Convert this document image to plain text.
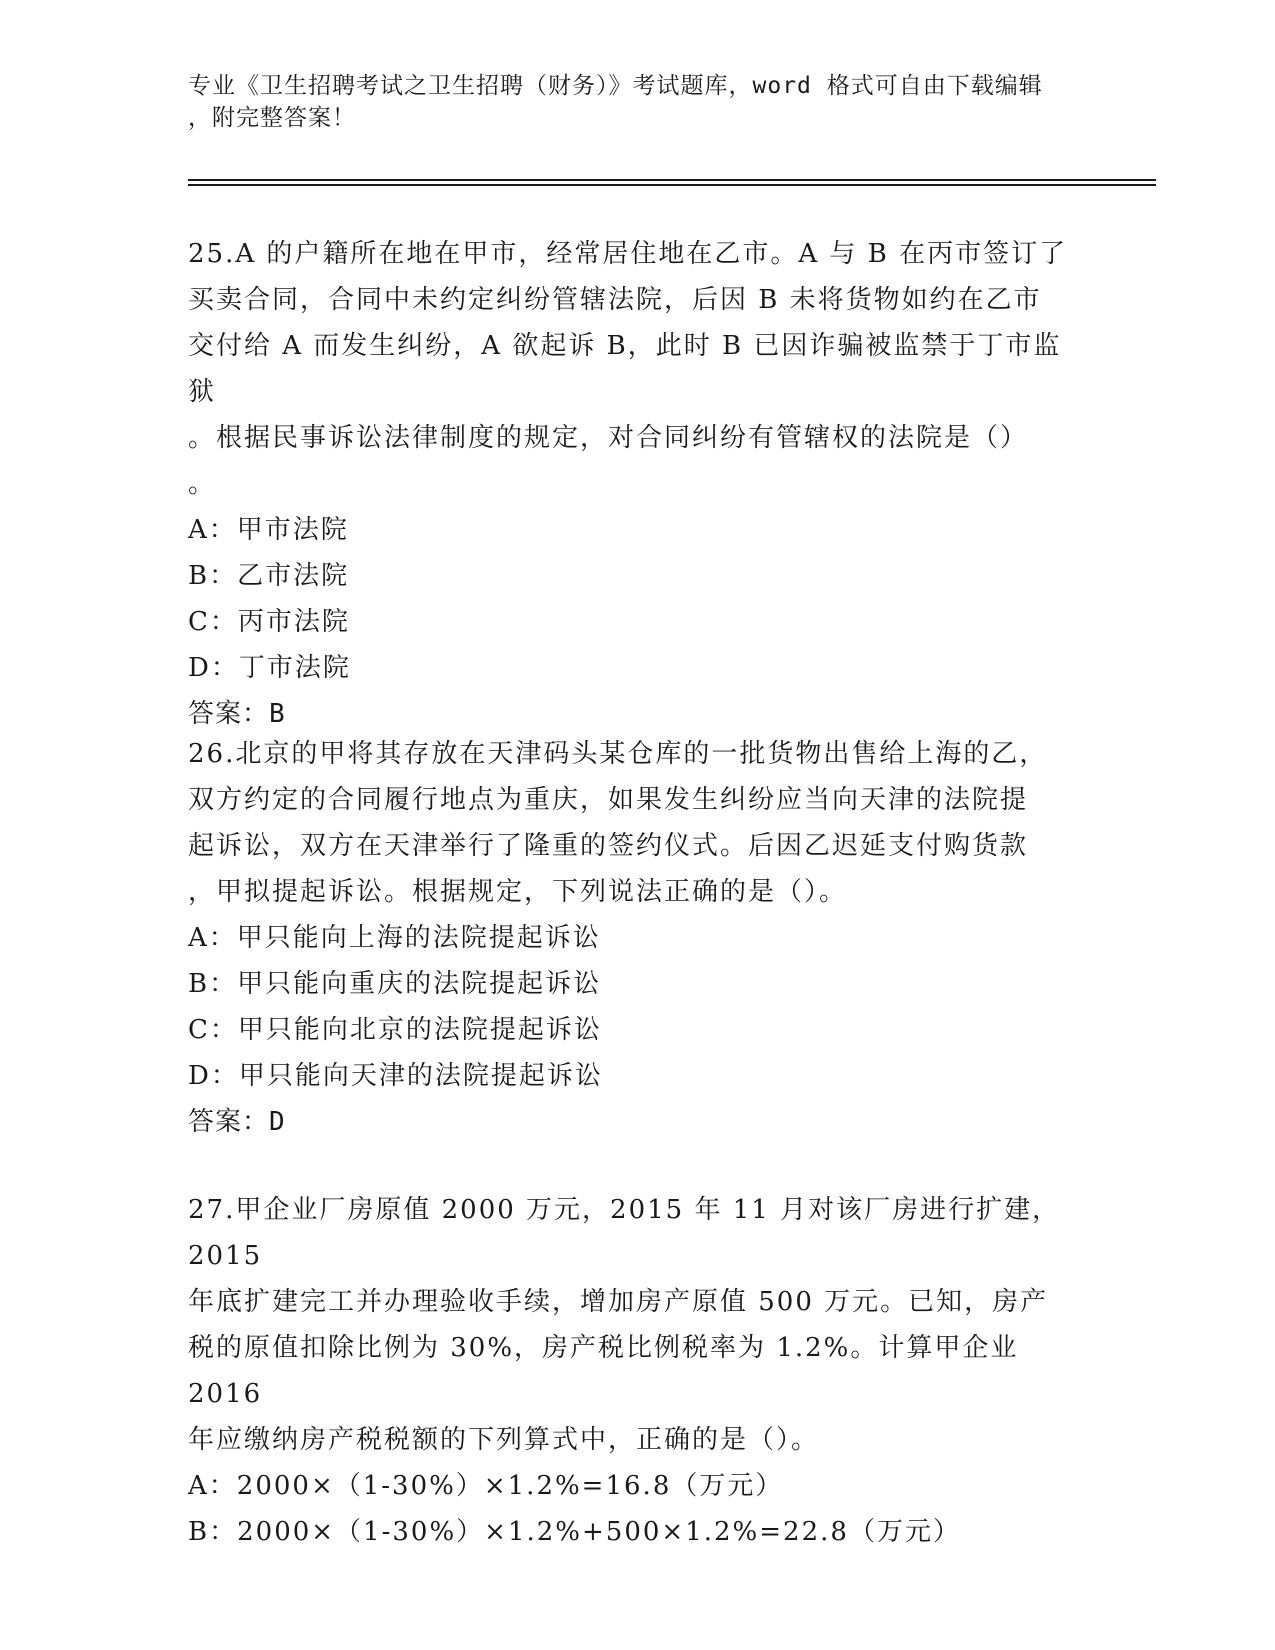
专业《卫生招聘考试之卫生招聘（财务）》考试题库，word 格式可自由下载编辑
，附完整答案！

25.A 的户籍所在地在甲市，经常居住地在乙市。A 与 B 在丙市签订了
买卖合同，合同中未约定纠纷管辖法院，后因 B 未将货物如约在乙市
交付给 A 而发生纠纷，A 欲起诉 B，此时 B 已因诈骗被监禁于丁市监狱
。根据民事诉讼法律制度的规定，对合同纠纷有管辖权的法院是（）
。

A：甲市法院

B：乙市法院

C：丙市法院

D：丁市法院

答案：B

26.北京的甲将其存放在天津码头某仓库的一批货物出售给上海的乙，
双方约定的合同履行地点为重庆，如果发生纠纷应当向天津的法院提
起诉讼，双方在天津举行了隆重的签约仪式。后因乙迟延支付购货款
，甲拟提起诉讼。根据规定，下列说法正确的是（）。

A：甲只能向上海的法院提起诉讼

B：甲只能向重庆的法院提起诉讼

C：甲只能向北京的法院提起诉讼

D：甲只能向天津的法院提起诉讼

答案：D

27.甲企业厂房原值 2000 万元，2015 年 11 月对该厂房进行扩建，2015
年底扩建完工并办理验收手续，增加房产原值 500 万元。已知，房产
税的原值扣除比例为 30%，房产税比例税率为 1.2%。计算甲企业 2016
年应缴纳房产税税额的下列算式中，正确的是（）。

A：2000×（1-30%）×1.2%=16.8（万元）

B：2000×（1-30%）×1.2%+500×1.2%=22.8（万元）
